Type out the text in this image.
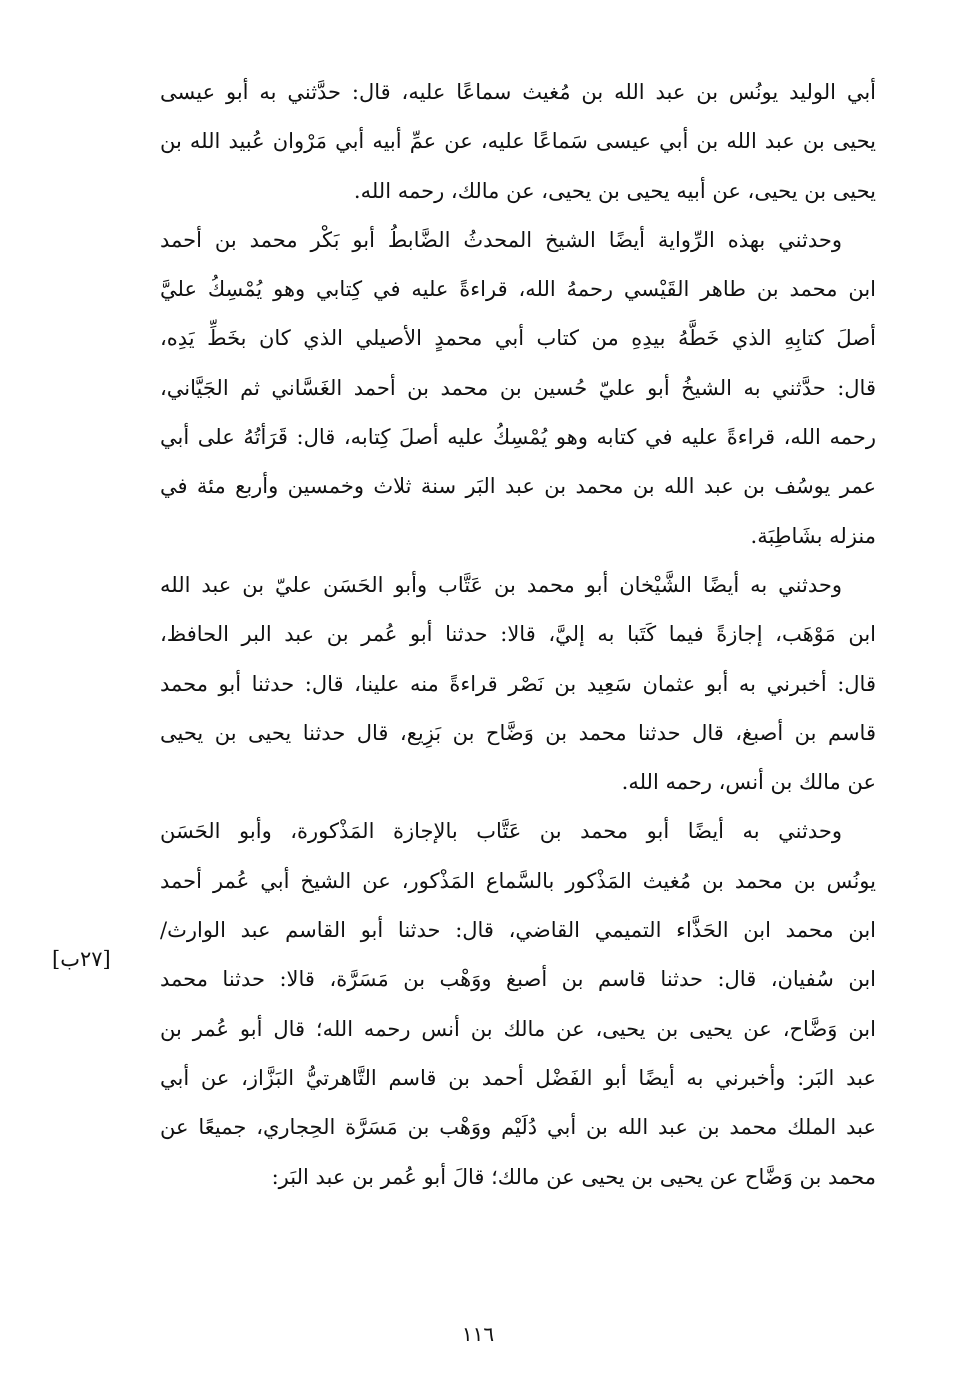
أبي الوليد يونُس بن عبد الله بن مُغيث سماعًا عليه، قال: حدَّثني به أبو عيسى
يحيى بن عبد الله بن أبي عيسى سَماعًا عليه، عن عمِّ أبيه أبي مَرْوان عُبيد الله بن
يحيى بن يحيى، عن أبيه يحيى بن يحيى، عن مالك، رحمه الله.
وحدثني بهذه الرِّواية أيضًا الشيخ المحدثُ الضَّابطُ أبو بَكْر محمد بن أحمد
ابن محمد بن طاهر القَيْسي رحمهُ الله، قراءةً عليه في كِتابي وهو يُمْسِكُ عليَّ
أصلَ كتابِهِ الذي خَطَّهُ بيدِهِ من كتاب أبي محمدٍ الأصيلي الذي كان بخَطِّ يَدِه،
قال: حدَّثني به الشيخُ أبو عليّ حُسين بن محمد بن أحمد الغَسَّاني ثم الجَيَّاني،
رحمه الله، قراءةً عليه في كتابه وهو يُمْسِكُ عليه أصلَ كِتابه، قال: قَرَأتُهُ على أبي
عمر يوسُف بن عبد الله بن محمد بن عبد البَر سنة ثلاث وخمسين وأربع مئة في
منزله بشَاطِبَة.
وحدثني به أيضًا الشَّيْخان أبو محمد بن عَتَّاب وأبو الحَسَن عليّ بن عبد الله
ابن مَوْهَب، إجازةً فيما كَتَبا به إليَّ، قالا: حدثنا أبو عُمر بن عبد البر الحافظ،
قال: أخبرني به أبو عثمان سَعِيد بن نَصْر قراءةً منه علينا، قال: حدثنا أبو محمد
قاسم بن أصبغ، قال حدثنا محمد بن وَضَّاح بن بَزِيع، قال حدثنا يحيى بن يحيى
عن مالك بن أنس، رحمه الله.
وحدثني به أيضًا أبو محمد بن عَتَّاب بالإجازة المَذْكورة، وأبو الحَسَن
يونُس بن محمد بن مُغيث المَذْكور بالسَّماع المَذْكور، عن الشيخ أبي عُمر أحمد
ابن محمد ابن الحَذَّاء التميمي القاضي، قال: حدثنا أبو القاسم عبد الوارث/
ابن سُفيان، قال: حدثنا قاسم بن أصبغ ووَهْب بن مَسَرَّة، قالا: حدثنا محمد
ابن وَضَّاح، عن يحيى بن يحيى، عن مالك بن أنس رحمه الله؛ قال أبو عُمر بن
عبد البَر: وأخبرني به أيضًا أبو الفَضْل أحمد بن قاسم التَّاهرتيُّ البَزَّاز، عن أبي
عبد الملك محمد بن عبد الله بن أبي دُلَيْم ووَهْب بن مَسَرَّة الحِجاري، جميعًا عن
محمد بن وَضَّاح عن يحيى بن يحيى عن مالك؛ قالَ أبو عُمر بن عبد البَر:
[٢٧ب]
١١٦
